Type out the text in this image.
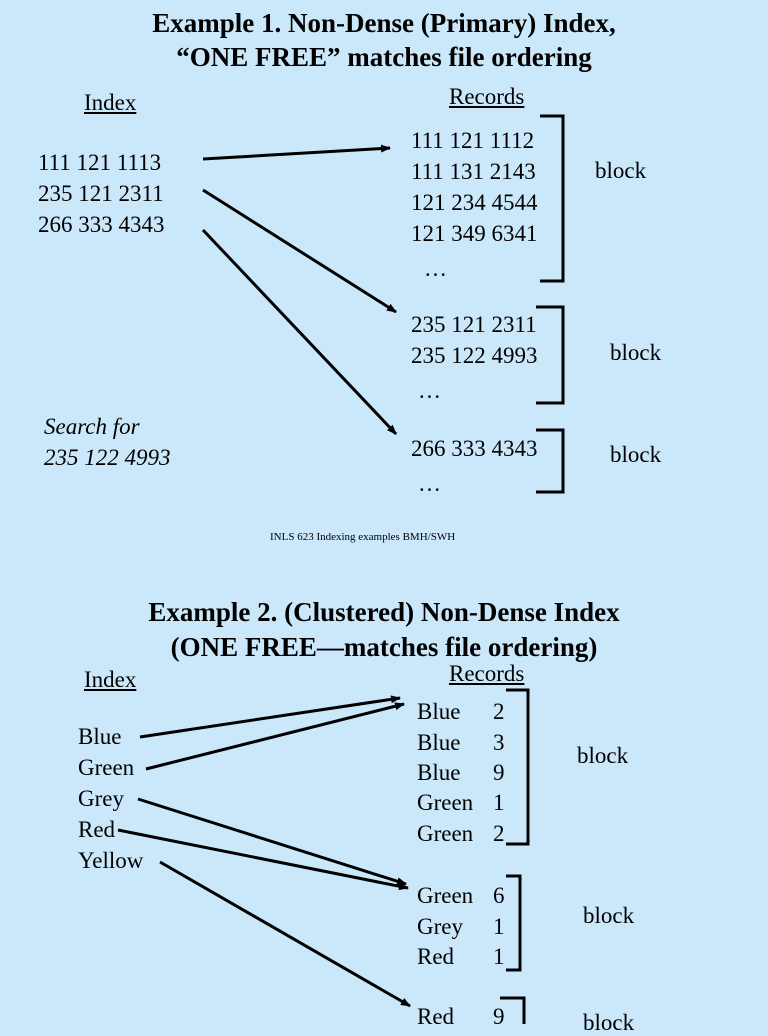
Example 1. Non-Dense (Primary) Index,
“ONE FREE” matches file ordering
Index	Records
111 121 1113
235 121 2311
266 333 4343
111 121 1112
111 131 2143
121 234 4544
121 349 6341
…
block
235 121 2311
235 122 4993
…
block
266 333 4343
…
block
Search for
235 122 4993
INLS 623 Indexing examples BMH/SWH
Example 2. (Clustered) Non-Dense Index
(ONE FREE—matches file ordering)
Index	Records
Blue
Green
Grey
Red
Yellow
Blue 2
Blue 3
Blue 9
Green 1
Green 2
block
Green 6
Grey 1
Red 1
block
Red 9	block
